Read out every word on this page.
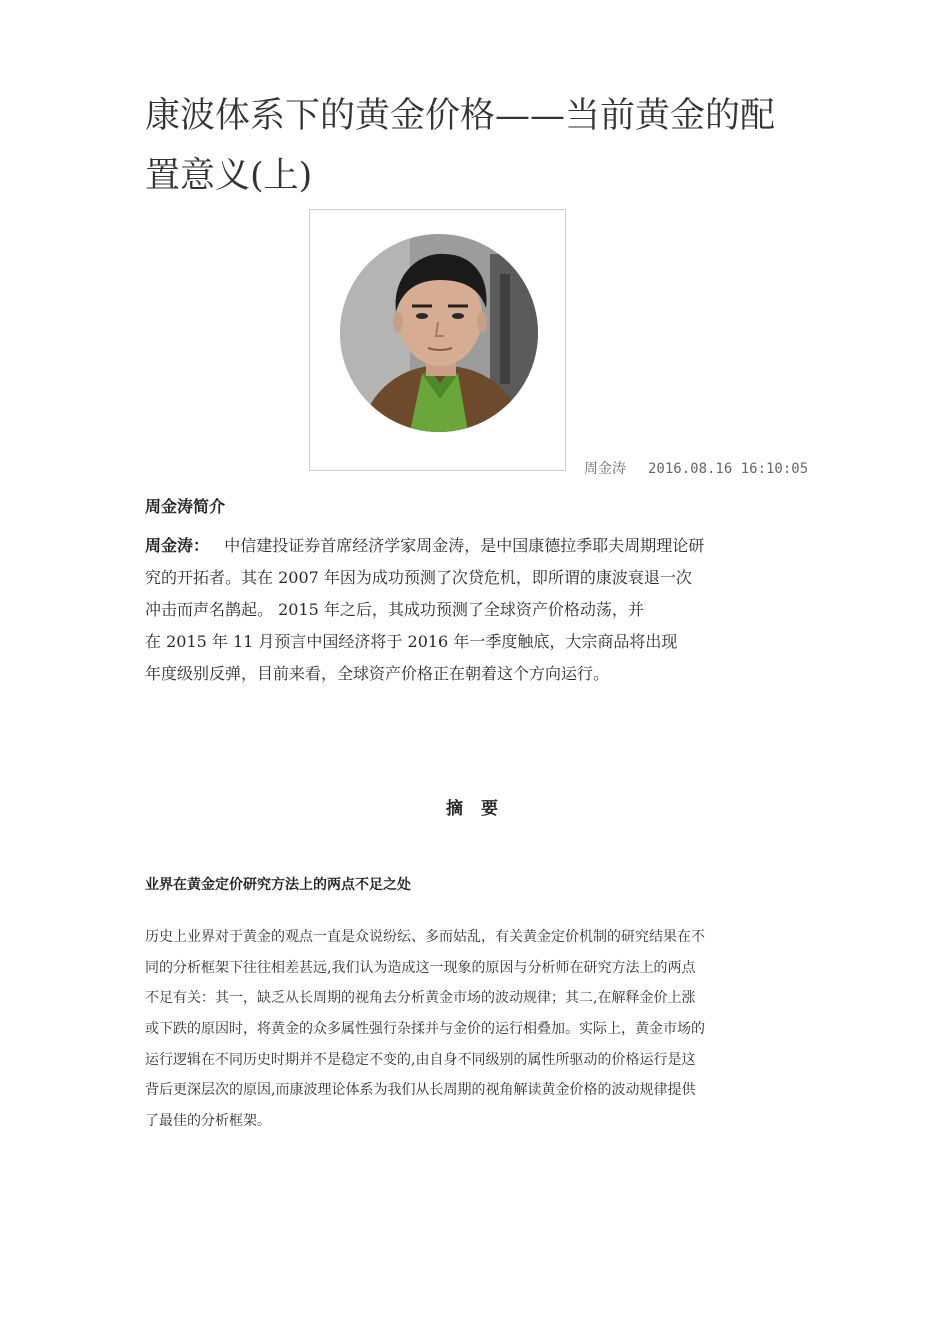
康波体系下的黄金价格——当前黄金的配
置意义(上)
周金涛 2016.08.16 16:10:05
周金涛简介
周金涛： 中信建投证券首席经济学家周金涛，是中国康德拉季耶夫周期理论研
究的开拓者。其在 2007 年因为成功预测了次贷危机，即所谓的康波衰退一次
冲击而声名鹊起。 2015 年之后，其成功预测了全球资产价格动荡，并
在 2015 年 11 月预言中国经济将于 2016 年一季度触底，大宗商品将出现
年度级别反弹，目前来看，全球资产价格正在朝着这个方向运行。
摘 要
业界在黄金定价研究方法上的两点不足之处
历史上业界对于黄金的观点一直是众说纷纭、多而姑乱，有关黄金定价机制的研究结果在不
同的分析框架下往往相差甚远,我们认为造成这一现象的原因与分析师在研究方法上的两点
不足有关：其一，缺乏从长周期的视角去分析黄金市场的波动规律；其二,在解释金价上涨
或下跌的原因时，将黄金的众多属性强行杂揉并与金价的运行相叠加。实际上，黄金市场的
运行逻辑在不同历史时期并不是稳定不变的,由自身不同级别的属性所驱动的价格运行是这
背后更深层次的原因,而康波理论体系为我们从长周期的视角解读黄金价格的波动规律提供
了最佳的分析框架。
